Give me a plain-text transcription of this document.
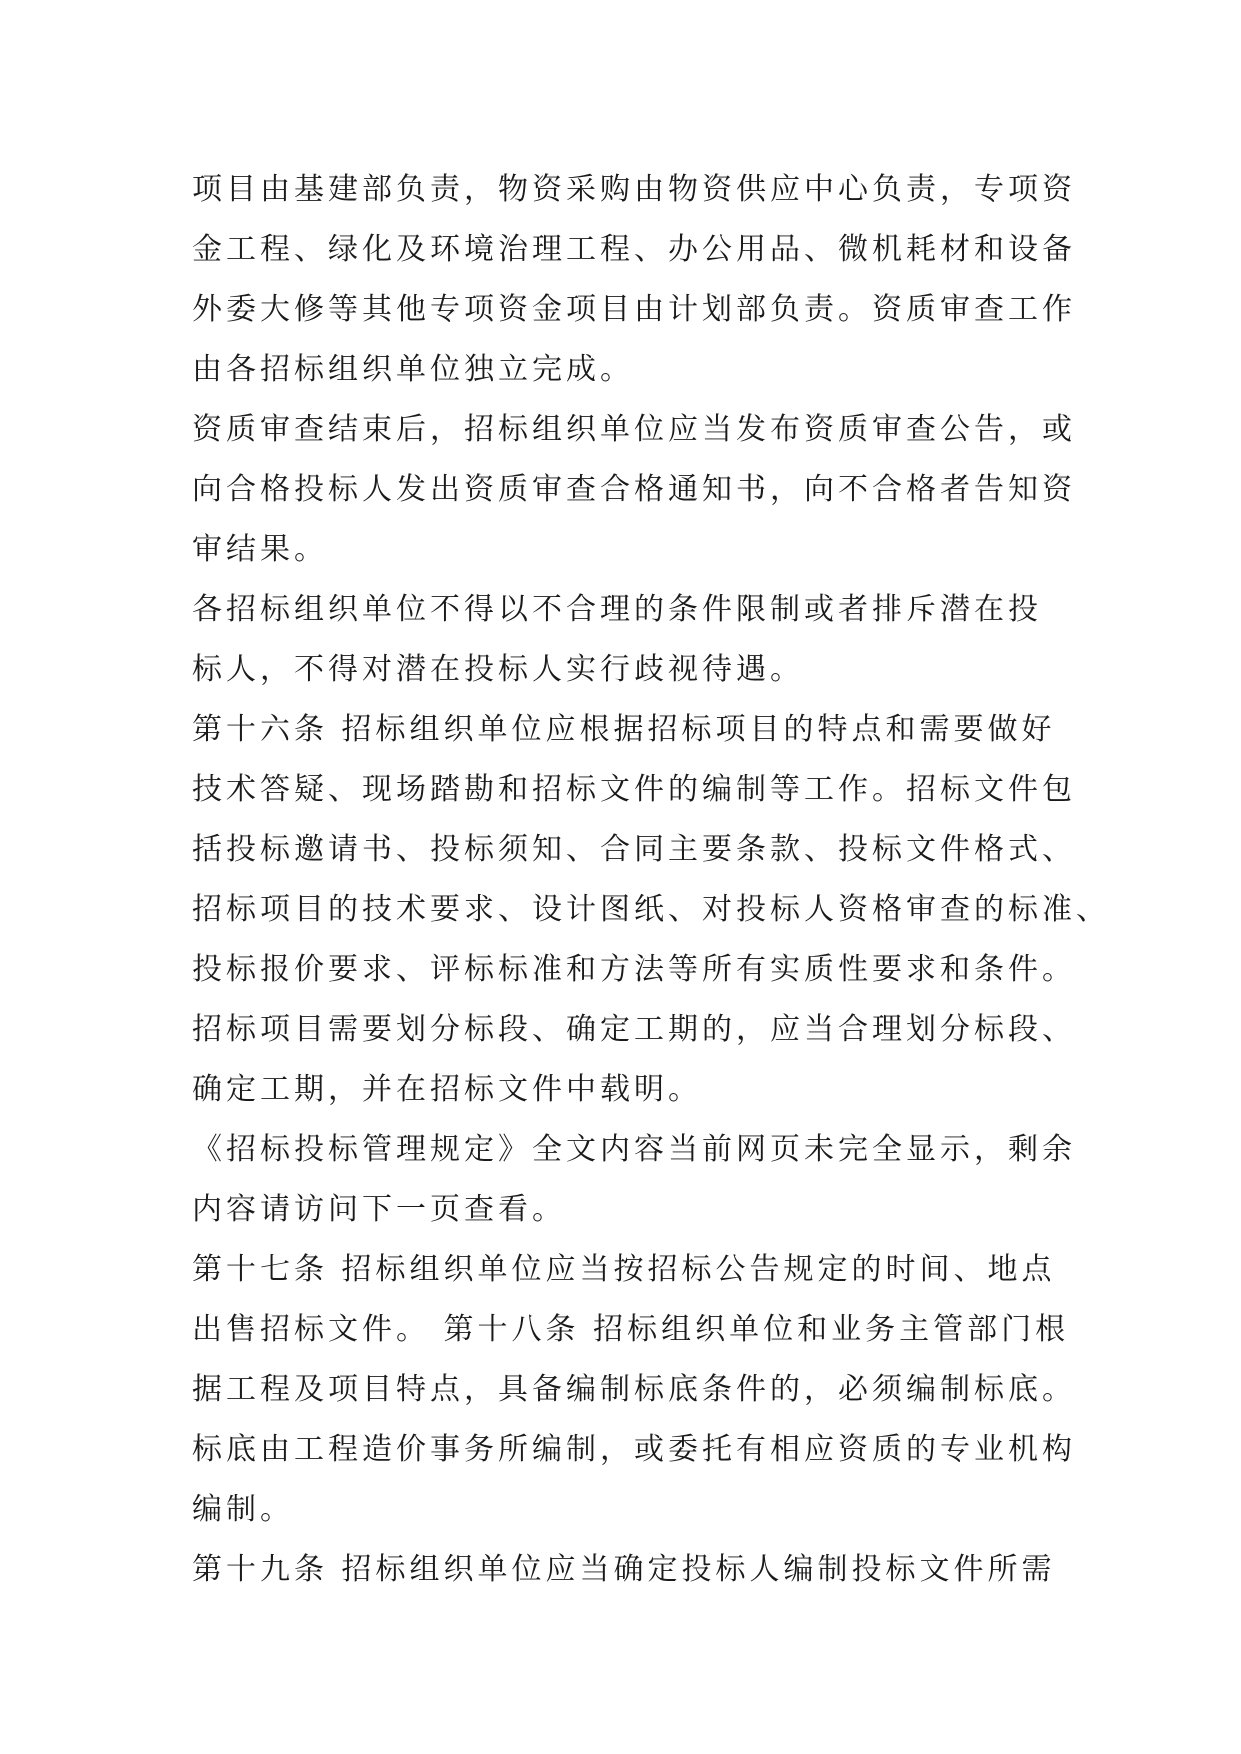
项目由基建部负责，物资采购由物资供应中心负责，专项资
金工程、绿化及环境治理工程、办公用品、微机耗材和设备
外委大修等其他专项资金项目由计划部负责。资质审查工作
由各招标组织单位独立完成。
资质审查结束后，招标组织单位应当发布资质审查公告，或
向合格投标人发出资质审查合格通知书，向不合格者告知资
审结果。
各招标组织单位不得以不合理的条件限制或者排斥潜在投
标人，不得对潜在投标人实行歧视待遇。
第十六条 招标组织单位应根据招标项目的特点和需要做好
技术答疑、现场踏勘和招标文件的编制等工作。招标文件包
括投标邀请书、投标须知、合同主要条款、投标文件格式、
招标项目的技术要求、设计图纸、对投标人资格审查的标准、
投标报价要求、评标标准和方法等所有实质性要求和条件。
招标项目需要划分标段、确定工期的，应当合理划分标段、
确定工期，并在招标文件中载明。
《招标投标管理规定》全文内容当前网页未完全显示，剩余
内容请访问下一页查看。
第十七条 招标组织单位应当按招标公告规定的时间、地点
出售招标文件。 第十八条 招标组织单位和业务主管部门根
据工程及项目特点，具备编制标底条件的，必须编制标底。
标底由工程造价事务所编制，或委托有相应资质的专业机构
编制。
第十九条 招标组织单位应当确定投标人编制投标文件所需
